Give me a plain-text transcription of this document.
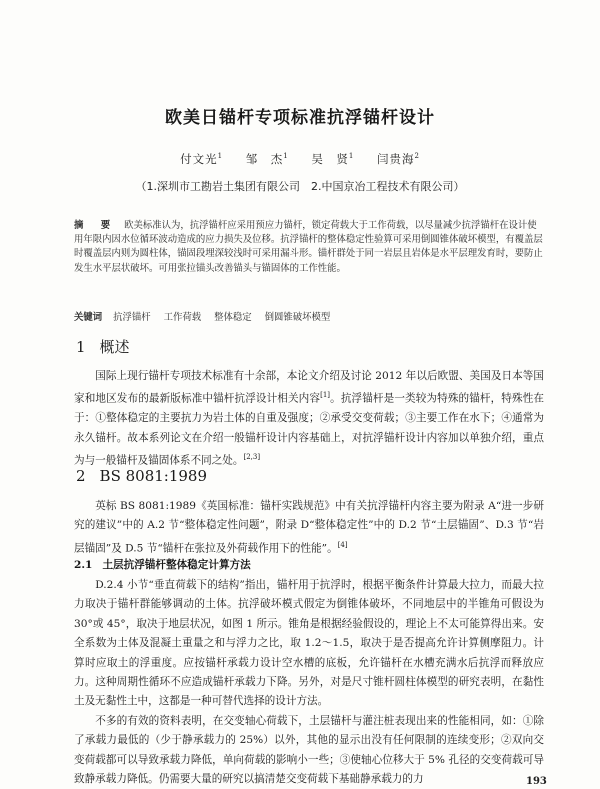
欧美日锚杆专项标准抗浮锚杆设计
付文光$^1$ 邹　杰$^1$ 吴　贤$^1$ 闫贵海$^2$
（1.深圳市工勘岩土集团有限公司　2.中国京冶工程技术有限公司）
摘　要 欧美标准认为，抗浮锚杆应采用预应力锚杆，锁定荷载大于工作荷载，以尽量减少抗浮锚杆在设计使用年限内因水位循环波动造成的应力损失及位移。抗浮锚杆的整体稳定性验算可采用倒圆锥体破坏模型，有覆盖层时覆盖层内则为圆柱体，锚固段埋深较浅时可采用漏斗形。锚杆群处于同一岩层且岩体是水平层理发育时，要防止发生水平层状破坏。可用张拉锚头改善锚头与锚固体的工作性能。
关键词 抗浮锚杆 工作荷载 整体稳定 倒圆锥破坏模型
1 概述

国际上现行锚杆专项技术标准有十余部，本论文介绍及讨论 2012 年以后欧盟、美国及日本等国家和地区发布的最新版标准中锚杆抗浮设计相关内容[1]。抗浮锚杆是一类较为特殊的锚杆，特殊性在于：①整体稳定的主要抗力为岩土体的自重及强度；②承受交变荷载；③主要工作在水下；④通常为永久锚杆。故本系列论文在介绍一般锚杆设计内容基础上，对抗浮锚杆设计内容加以单独介绍，重点为与一般锚杆及锚固体系不同之处。[2,3]

2 BS 8081:1989

英标 BS 8081:1989《英国标准：锚杆实践规范》中有关抗浮锚杆内容主要为附录 A“进一步研究的建议”中的 A.2 节“整体稳定性问题”，附录 D“整体稳定性”中的 D.2 节“土层锚固”、D.3 节“岩层锚固”及 D.5 节“锚杆在张拉及外荷载作用下的性能”。[4]

2.1 土层抗浮锚杆整体稳定计算方法

D.2.4 小节“垂直荷载下的结构”指出，锚杆用于抗浮时，根据平衡条件计算最大拉力，而最大拉力取决于锚杆群能够调动的土体。抗浮破坏模式假定为倒锥体破坏，不同地层中的半锥角可假设为 30°或 45°，取决于地层状况，如图 1 所示。锥角是根据经验假设的，理论上不太可能算得出来。安全系数为土体及混凝土重量之和与浮力之比，取 1.2～1.5，取决于是否提高允许计算侧摩阻力。计算时应取土的浮重度。应按锚杆承载力设计空水槽的底板，允许锚杆在水槽充满水后抗浮而释放应力。这种周期性循环不应造成锚杆承载力下降。另外，对是尺寸锥杆圆柱体模型的研究表明，在黏性土及无黏性土中，这都是一种可替代选择的设计方法。

不多的有效的资料表明，在交变轴心荷载下，土层锚杆与灌注桩表现出来的性能相同，如：①除了承载力最低的（少于静承载力的 25%）以外，其他的显示出没有任何限制的连续变形；②双向交变荷载都可以导致承载力降低，单向荷载的影响小一些；③使轴心位移大于 5% 孔径的交变荷载可导致静承载力降低。仍需要大量的研究以搞清楚交变荷载下基础静承载力的力	193
